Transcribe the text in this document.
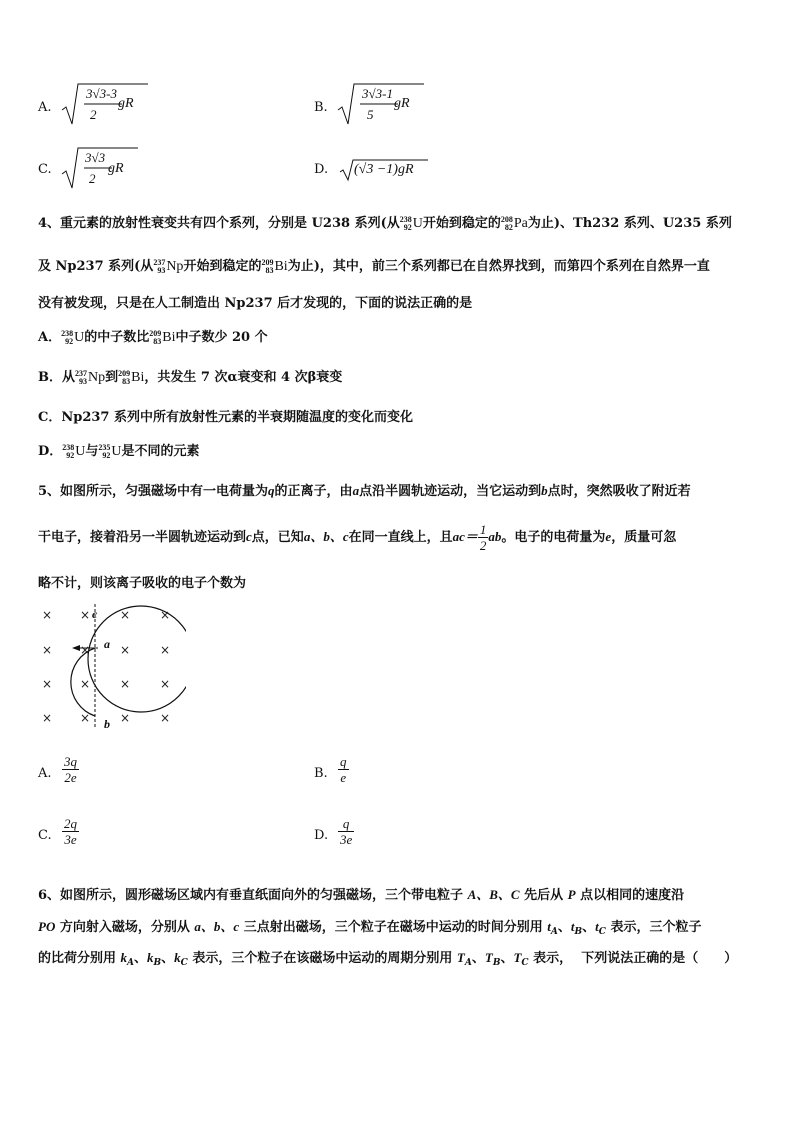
A.
3√3-3
2
gR	B.
3√3-1
5
gR
C.
3√3
2
gR	D. (√3 −1)gR
4、重元素的放射性衰变共有四个系列，分别是 U238 系列(从 238
92 U开始到稳定的 208
82 Pa为止)、Th232 系列、U235 系列
及 Np237 系列(从 237
93 Np开始到稳定的 209
83 Bi为止)，其中，前三个系列都已在自然界找到，而第四个系列在自然界一直
没有被发现，只是在人工制造出 Np237 后才发现的，下面的说法正确的是
A． 238
92 U的中子数比 209
83 Bi中子数少 20 个
B．从 237
93 Np到 209
83 Bi，共发生 7 次α衰变和 4 次β衰变
C．Np237 系列中所有放射性元素的半衰期随温度的变化而变化
D． 238
92 U与 235
92 U是不同的元素
5、如图所示，匀强磁场中有一电荷量为q的正离子，由a点沿半圆轨迹运动，当它运动到b点时，突然吸收了附近若
干电子，接着沿另一半圆轨迹运动到c点，已知a、b、c在同一直线上，且$ac= \frac{1}{2}$ ab。电子的电荷量为e，质量可忽
略不计，则该离子吸收的电子个数为
× × × ×
× × × ×
× × × ×
× × × ×
c
a
b
A. $\frac{3q}{2e}$	B. $\frac{q}{e}$
C. $\frac{2q}{3e}$	D. $\frac{q}{3e}$
6、如图所示，圆形磁场区域内有垂直纸面向外的匀强磁场，三个带电粒子 A、B、C 先后从 P 点以相同的速度沿
PO 方向射入磁场，分别从 a、b、c 三点射出磁场，三个粒子在磁场中运动的时间分别用 $t_A$、$t_B$、$t_C$ 表示，三个粒子
的比荷分别用 $k_A$、$k_B$、$k_C$ 表示，三个粒子在该磁场中运动的周期分别用 $T_A$、$T_B$、$T_C$ 表示， 下列说法正确的是（　　）
